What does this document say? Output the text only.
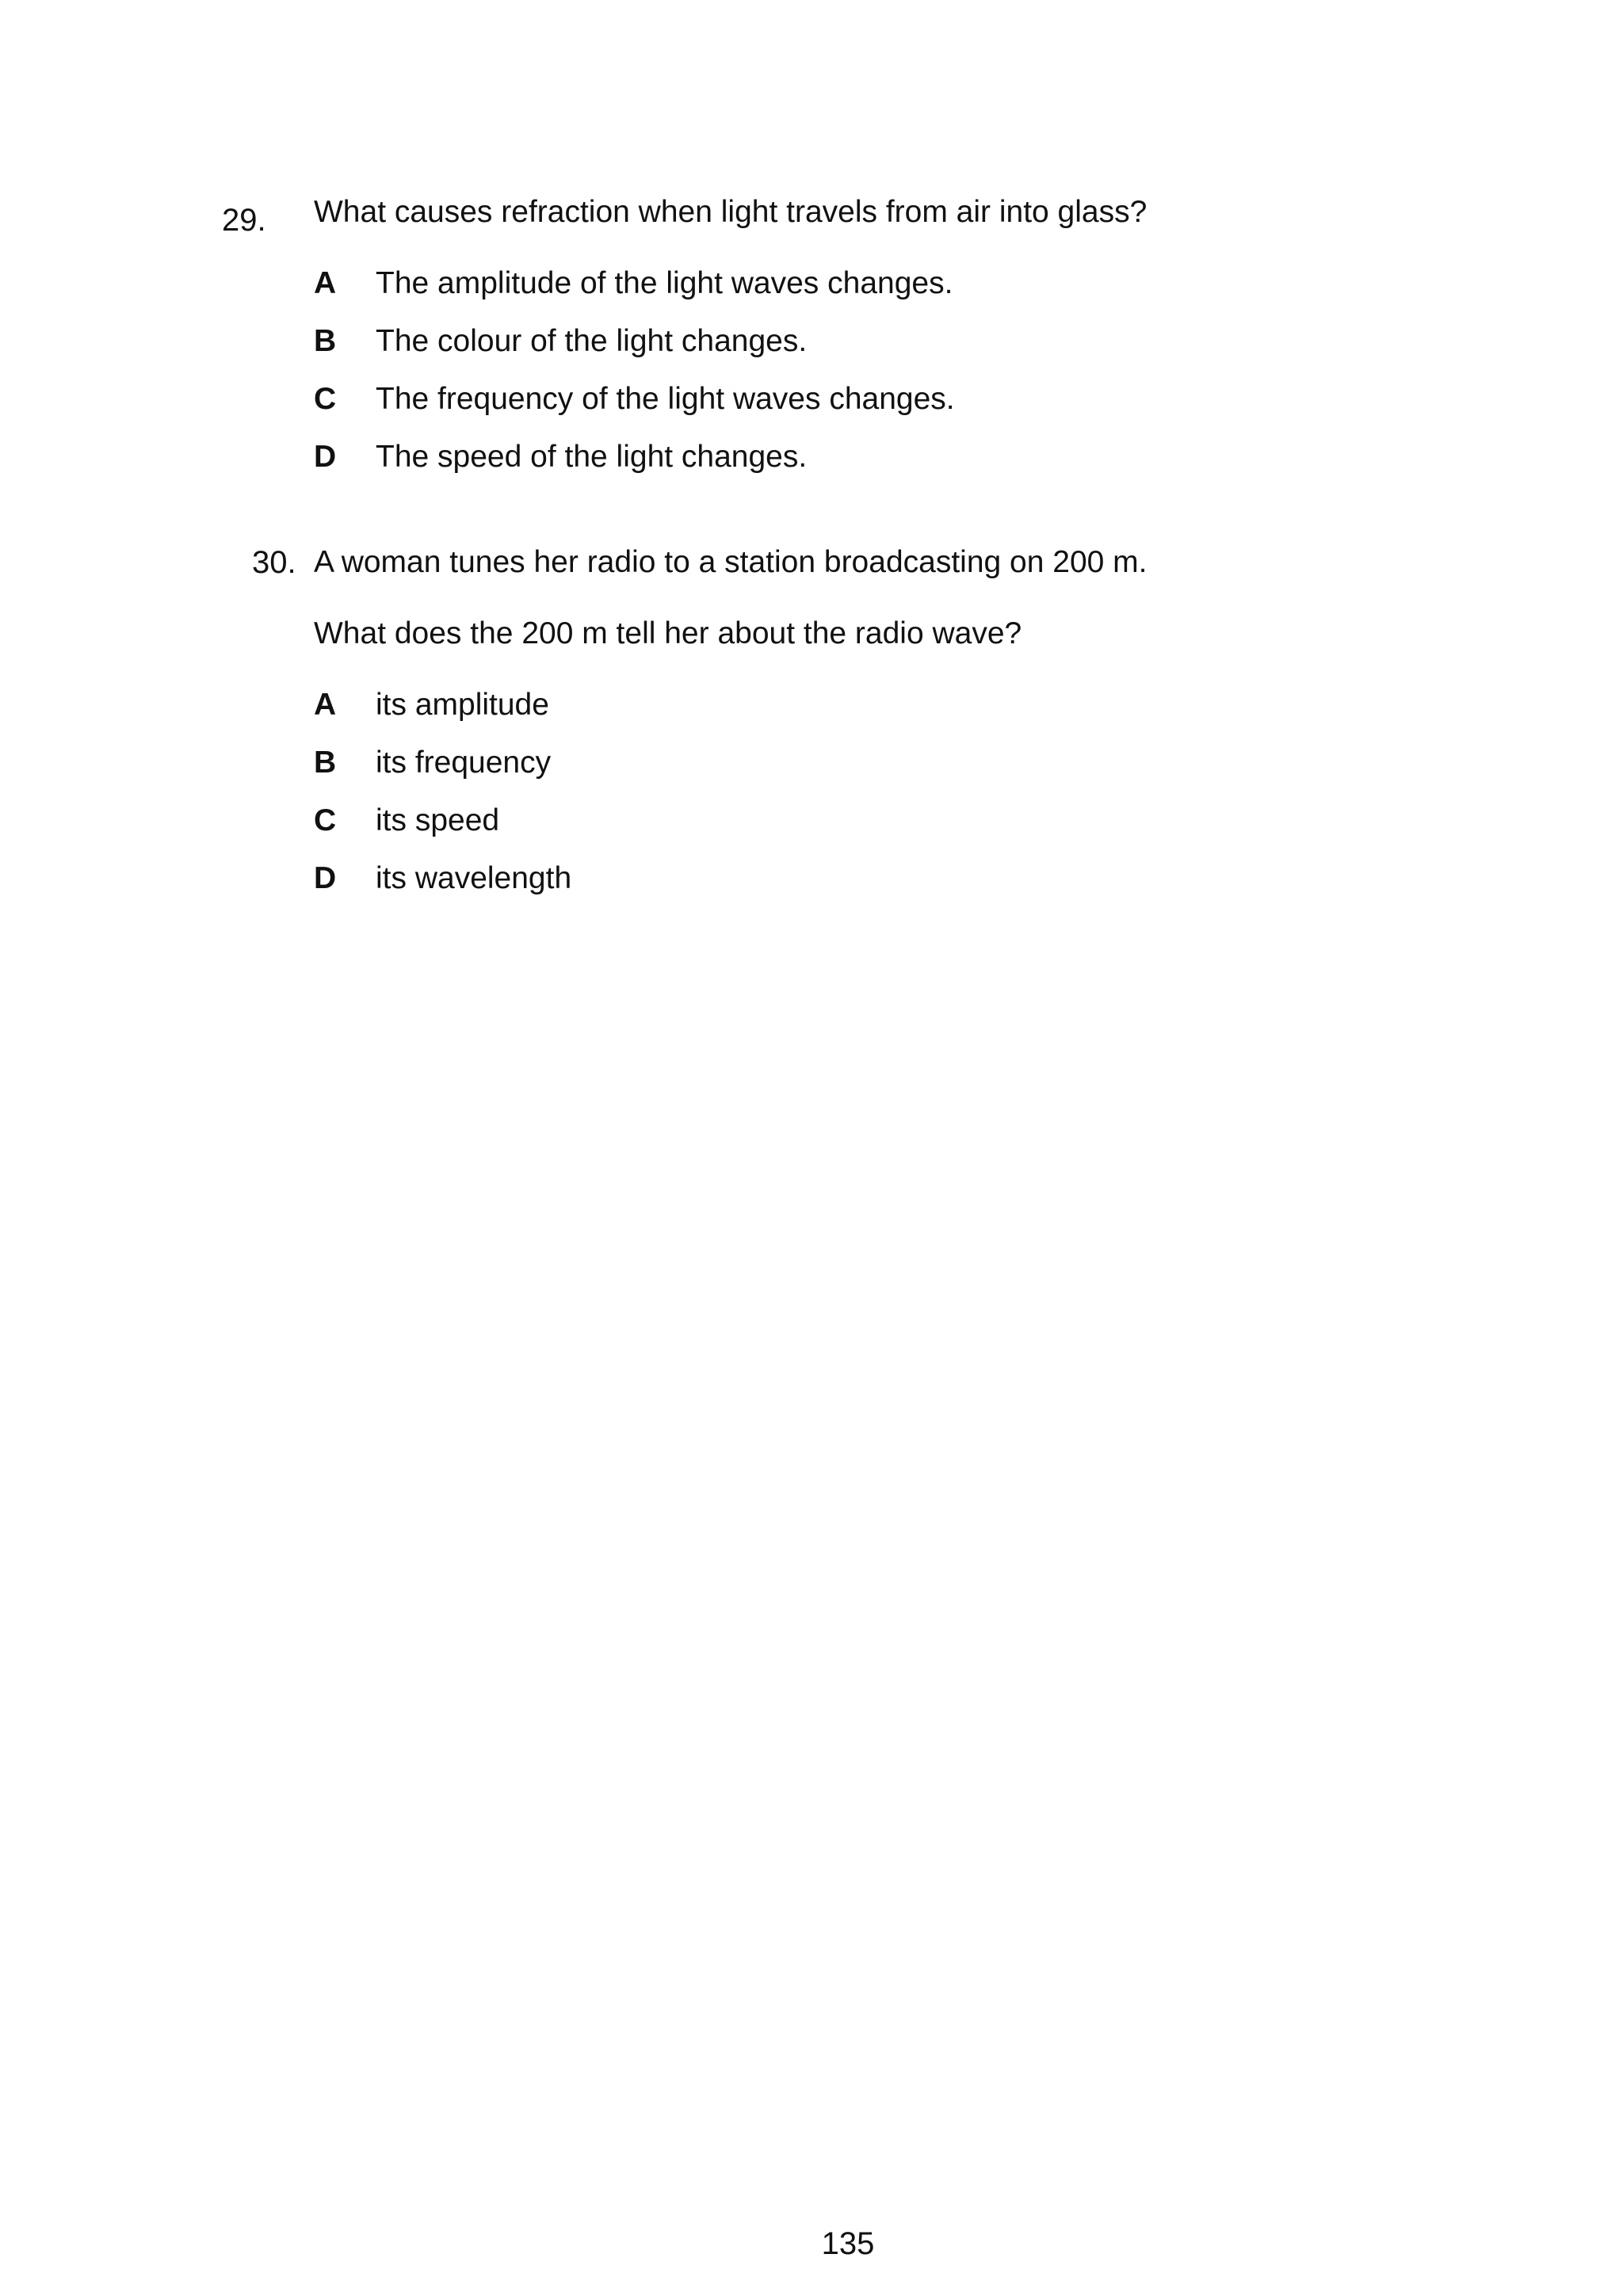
29. What causes refraction when light travels from air into glass?
A	The amplitude of the light waves changes.
B	The colour of the light changes.
C	The frequency of the light waves changes.
D	The speed of the light changes.
30. A woman tunes her radio to a station broadcasting on 200 m.
What does the 200 m tell her about the radio wave?
A	its amplitude
B	its frequency
C	its speed
D	its wavelength
135
